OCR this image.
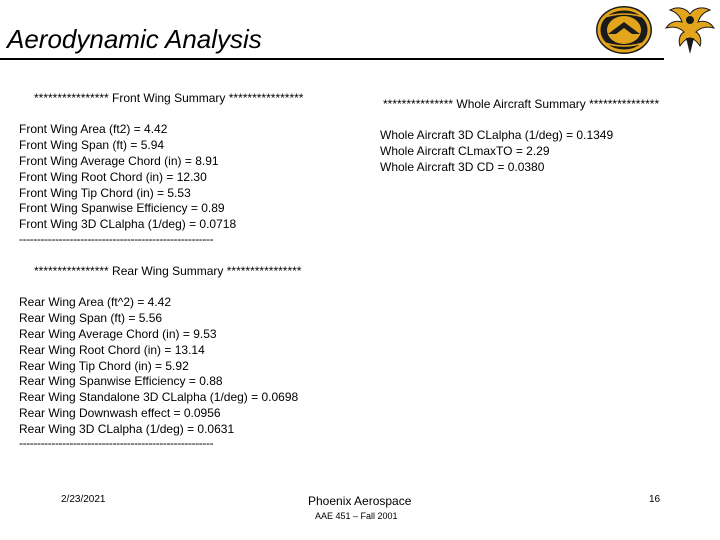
Aerodynamic Analysis
**************** Front Wing Summary ****************
Front Wing Area (ft2) = 4.42
Front Wing Span (ft) = 5.94
Front Wing Average Chord (in) = 8.91
Front Wing Root Chord (in) = 12.30
Front Wing Tip Chord (in) = 5.53
Front Wing Spanwise Efficiency = 0.89
Front Wing 3D CLalpha (1/deg) = 0.0718
------------------------------------------------------
*************** Whole Aircraft Summary ***************
Whole Aircraft 3D CLalpha (1/deg) = 0.1349
Whole Aircraft CLmaxTO = 2.29
Whole Aircraft 3D CD = 0.0380
**************** Rear Wing Summary ****************
Rear Wing Area (ft^2) = 4.42
Rear Wing Span (ft) = 5.56
Rear Wing Average Chord (in) = 9.53
Rear Wing Root Chord (in) = 13.14
Rear Wing Tip Chord (in) = 5.92
Rear Wing Spanwise Efficiency = 0.88
Rear Wing Standalone 3D CLalpha (1/deg) = 0.0698
Rear Wing Downwash effect = 0.0956
Rear Wing 3D CLalpha (1/deg) = 0.0631
------------------------------------------------------
2/23/2021	Phoenix Aerospace
AAE 451 – Fall 2001
16
